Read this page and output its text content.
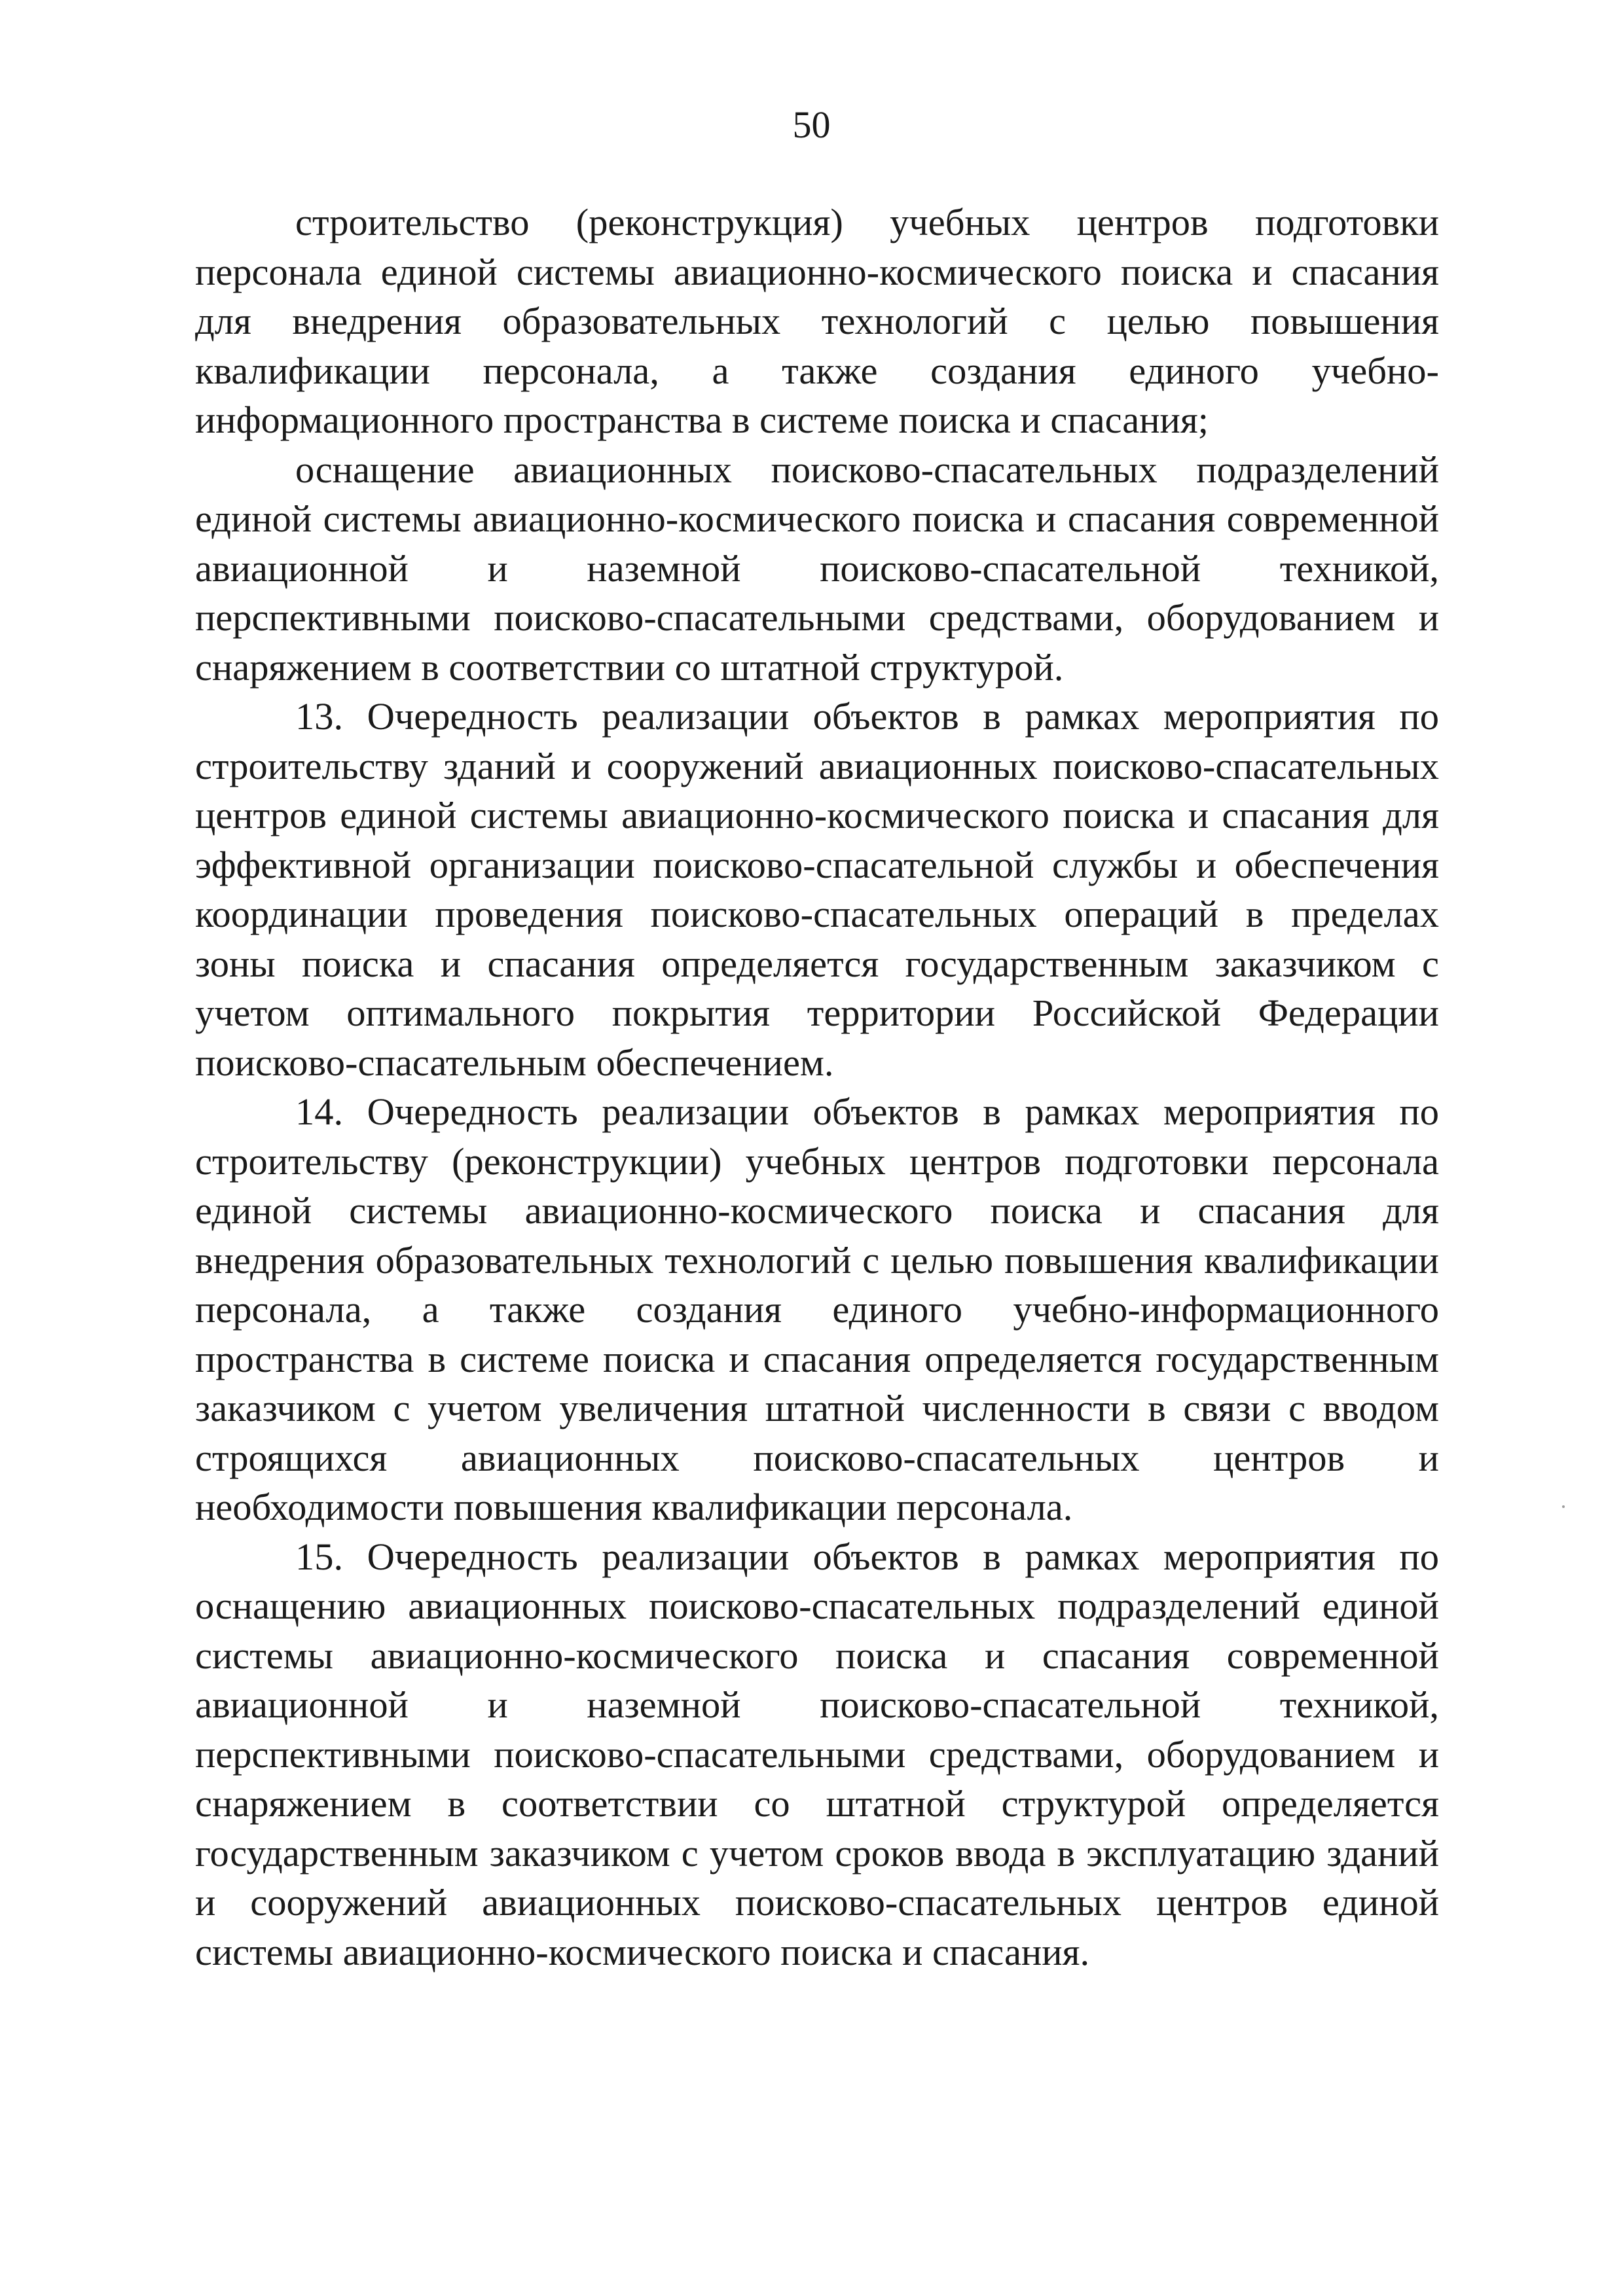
50

строительство (реконструкция) учебных центров подготовки персонала единой системы авиационно-космического поиска и спасания для внедрения образовательных технологий с целью повышения квалификации персонала, а также создания единого учебно-информационного пространства в системе поиска и спасания;

оснащение авиационных поисково-спасательных подразделений единой системы авиационно-космического поиска и спасания современной авиационной и наземной поисково-спасательной техникой, перспективными поисково-спасательными средствами, оборудованием и снаряжением в соответствии со штатной структурой.

13. Очередность реализации объектов в рамках мероприятия по строительству зданий и сооружений авиационных поисково-спасательных центров единой системы авиационно-космического поиска и спасания для эффективной организации поисково-спасательной службы и обеспечения координации проведения поисково-спасательных операций в пределах зоны поиска и спасания определяется государственным заказчиком с учетом оптимального покрытия территории Российской Федерации поисково-спасательным обеспечением.

14. Очередность реализации объектов в рамках мероприятия по строительству (реконструкции) учебных центров подготовки персонала единой системы авиационно-космического поиска и спасания для внедрения образовательных технологий с целью повышения квалификации персонала, а также создания единого учебно-информационного пространства в системе поиска и спасания определяется государственным заказчиком с учетом увеличения штатной численности в связи с вводом строящихся авиационных поисково-спасательных центров и необходимости повышения квалификации персонала.

15. Очередность реализации объектов в рамках мероприятия по оснащению авиационных поисково-спасательных подразделений единой системы авиационно-космического поиска и спасания современной авиационной и наземной поисково-спасательной техникой, перспективными поисково-спасательными средствами, оборудованием и снаряжением в соответствии со штатной структурой определяется государственным заказчиком с учетом сроков ввода в эксплуатацию зданий и сооружений авиационных поисково-спасательных центров единой системы авиационно-космического поиска и спасания.
